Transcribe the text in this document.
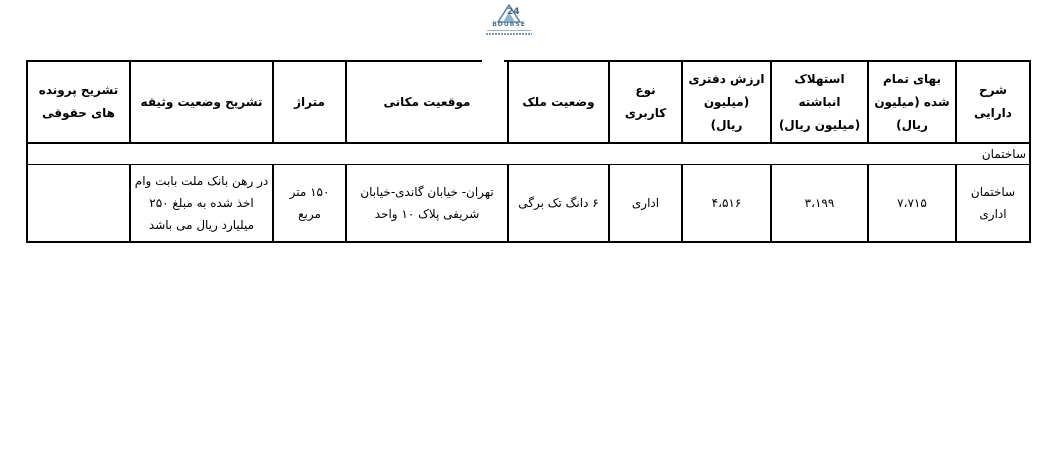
24
BOURSE
شرح دارایی	بهای تمام شده (میلیون ریال)	استهلاک انباشته (میلیون ریال)	ارزش دفتری (میلیون ریال)	نوع کاربری	وضعیت ملک	موقعیت مکانی	متراژ	تشریح وضعیت وثیقه	تشریح پرونده های حقوقی
ساختمان									
ساختمان اداری	۷،۷۱۵	۳،۱۹۹	۴،۵۱۶	اداری	۶ دانگ تک برگی	تهران- خیابان گاندی-خیابان شریفی پلاک ۱۰ واحد	۱۵۰ متر مربع	در رهن بانک ملت بابت وام اخذ شده به مبلغ ۲۵۰ میلیارد ریال می باشد	
